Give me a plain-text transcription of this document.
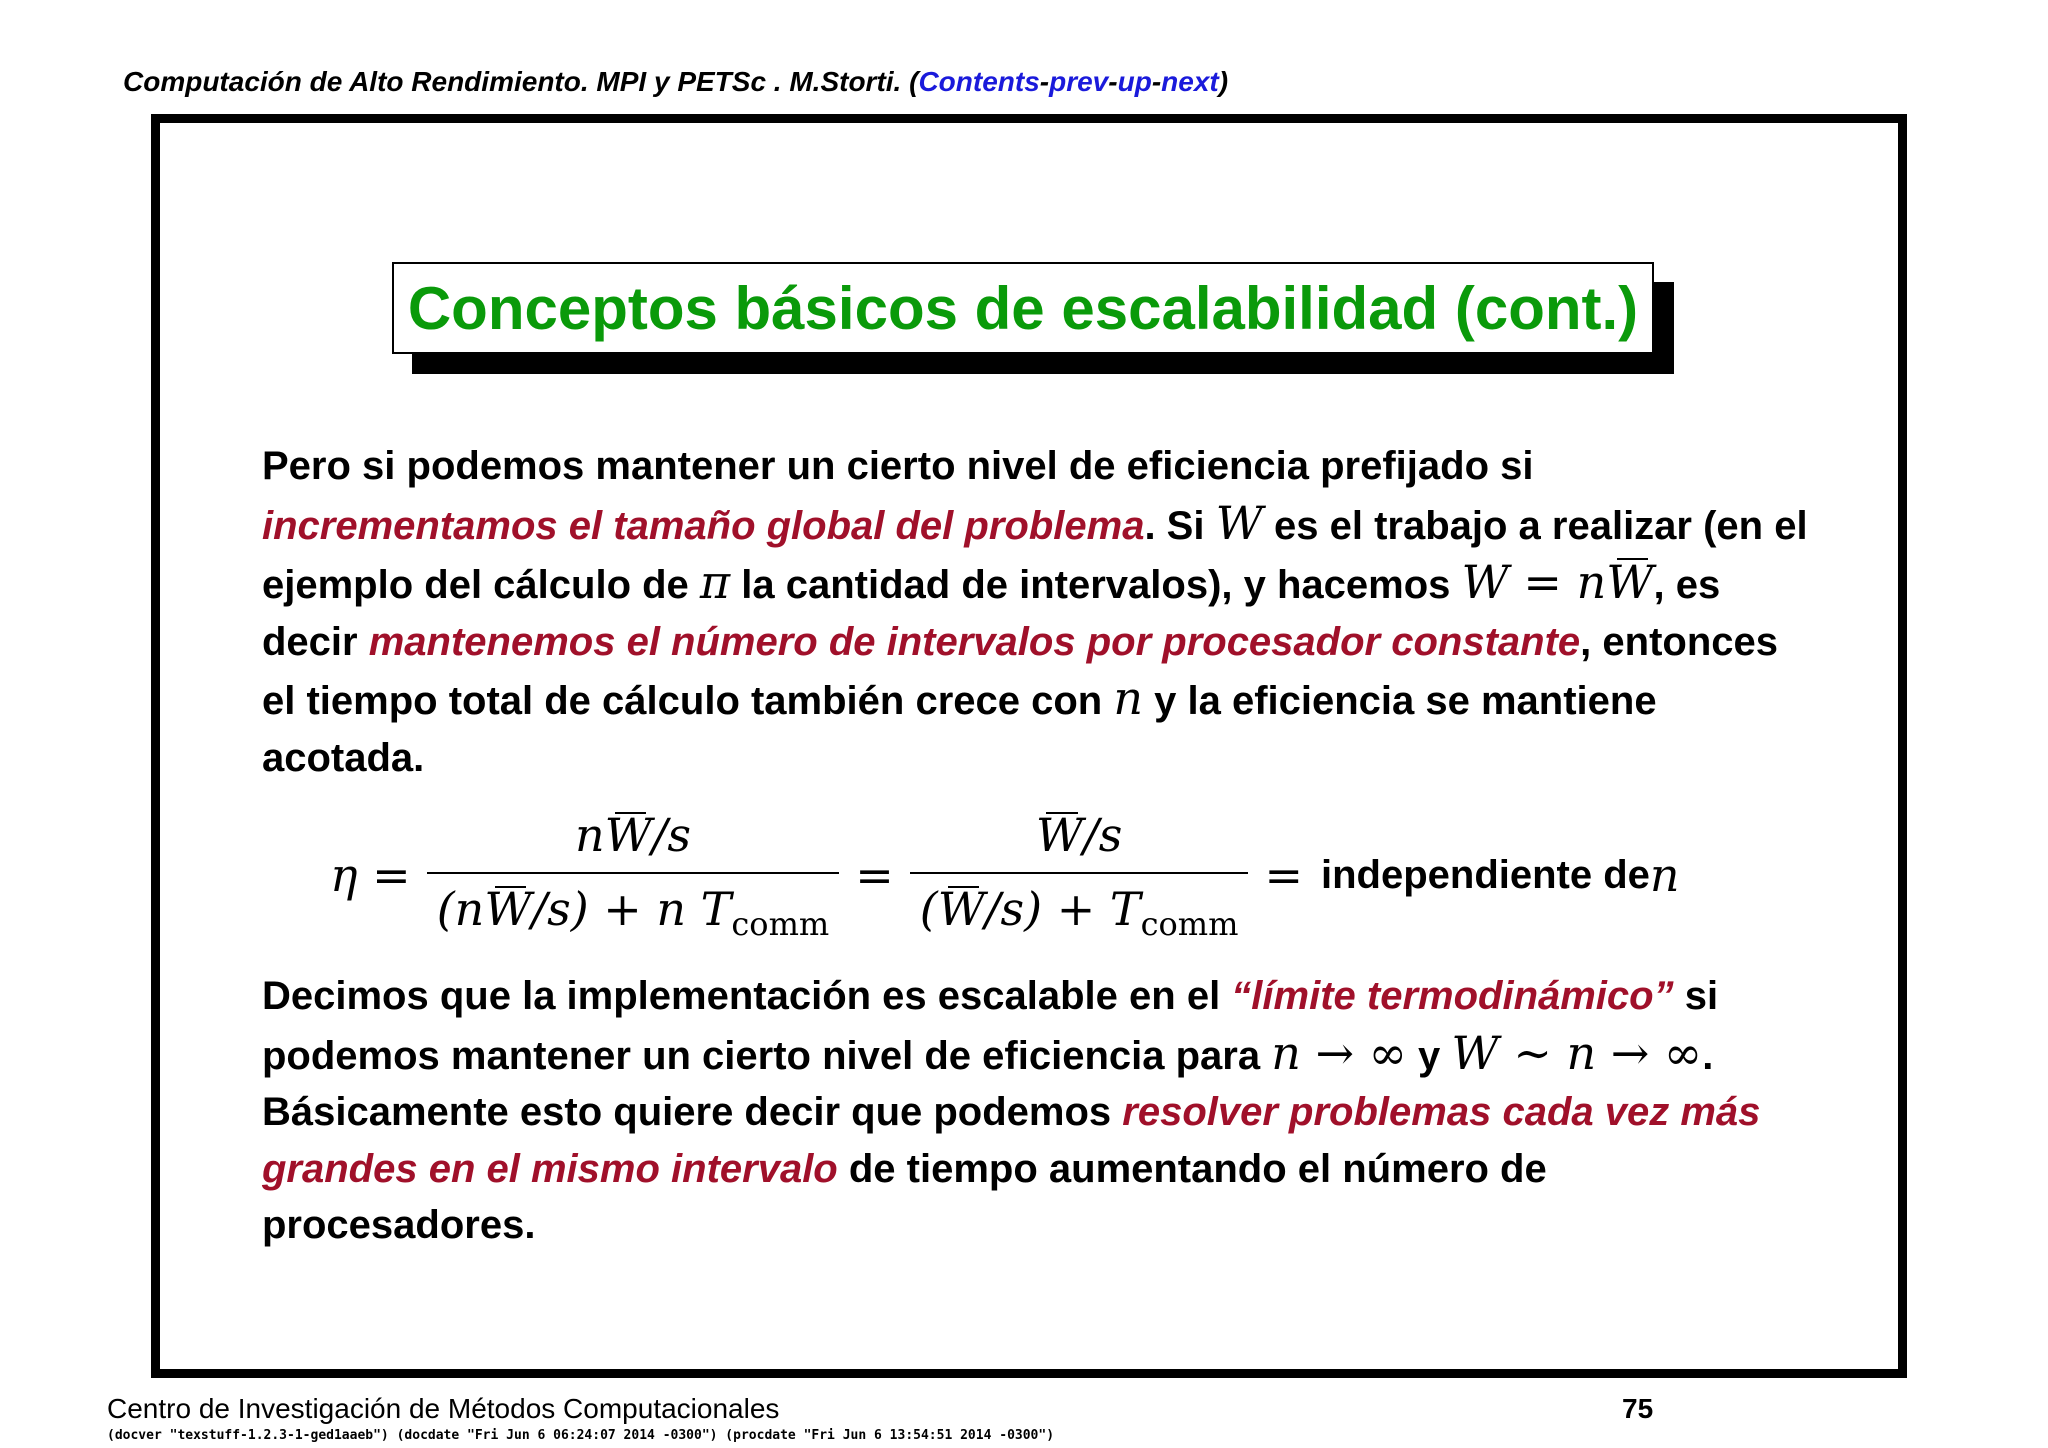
Computación de Alto Rendimiento. MPI y PETSc . M.Storti. (Contents-prev-up-next)
Conceptos básicos de escalabilidad (cont.)

Pero si podemos mantener un cierto nivel de eficiencia prefijado si incrementamos el tamaño global del problema. Si W es el trabajo a realizar (en el ejemplo del cálculo de π la cantidad de intervalos), y hacemos W = nW, es decir mantenemos el número de intervalos por procesador constante, entonces el tiempo total de cálculo también crece con n y la eficiencia se mantiene acotada.

$\eta = \frac{nW/s}{(nW/s) + n T_{comm}} = \frac{W/s}{(W/s) + T_{comm}}$ = independiente de n

Decimos que la implementación es escalable en el “límite termodinámico” si podemos mantener un cierto nivel de eficiencia para n → ∞ y W ∼ n → ∞. Básicamente esto quiere decir que podemos resolver problemas cada vez más grandes en el mismo intervalo de tiempo aumentando el número de procesadores.

Centro de Investigación de Métodos Computacionales	75
(docver "texstuff-1.2.3-1-ged1aaeb") (docdate "Fri Jun 6 06:24:07 2014 -0300") (procdate "Fri Jun 6 13:54:51 2014 -0300")
